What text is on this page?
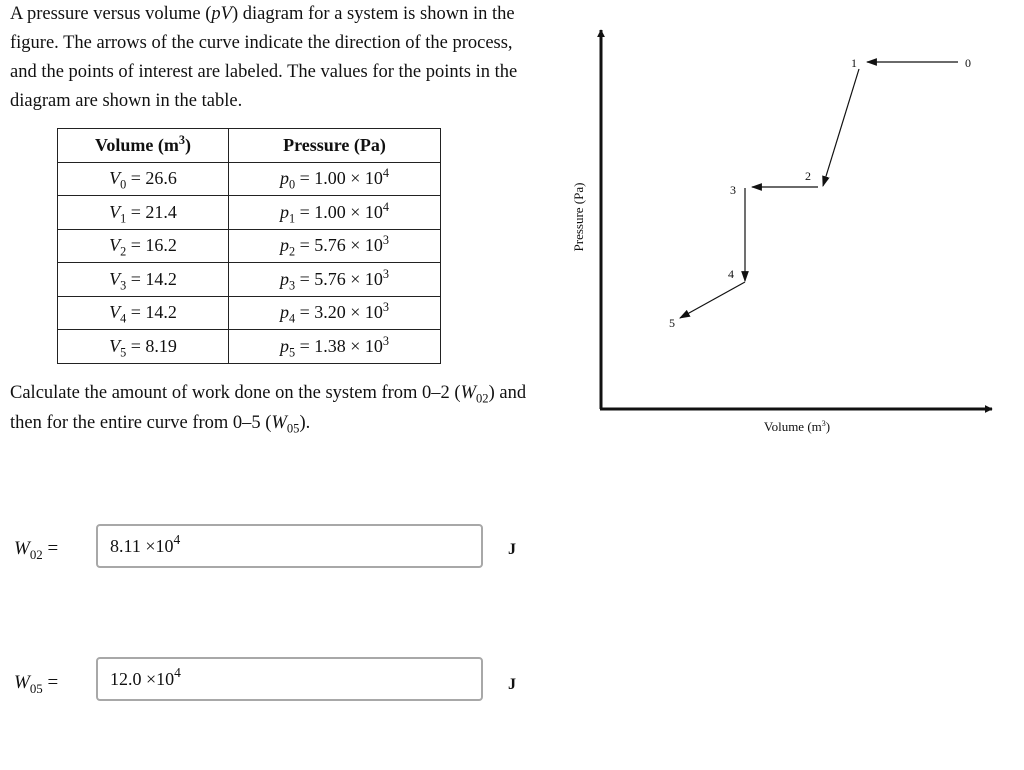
A pressure versus volume (pV) diagram for a system is shown in the figure. The arrows of the curve indicate the direction of the process, and the points of interest are labeled. The values for the points in the diagram are shown in the table.

Volume $(m^3)$	Pressure (Pa)
$V_0 = 26.6$	$p_0 = 1.00 \times 10^4$
$V_1 = 21.4$	$p_1 = 1.00 \times 10^4$
$V_2 = 16.2$	$p_2 = 5.76 \times 10^3$
$V_3 = 14.2$	$p_3 = 5.76 \times 10^3$
$V_4 = 14.2$	$p_4 = 3.20 \times 10^3$
$V_5 = 8.19$	$p_5 = 1.38 \times 10^3$

Calculate the amount of work done on the system from 0–2 $(W_{02})$ and then for the entire curve from 0–5 $(W_{05})$.

$W_{02}$ =	$8.11 \times 10^4$
J
$W_{05}$ =	$12.0 \times 10^4$
J
Pressure (Pa)
Volume $(m^3)$
0
1
2
3
4
5
